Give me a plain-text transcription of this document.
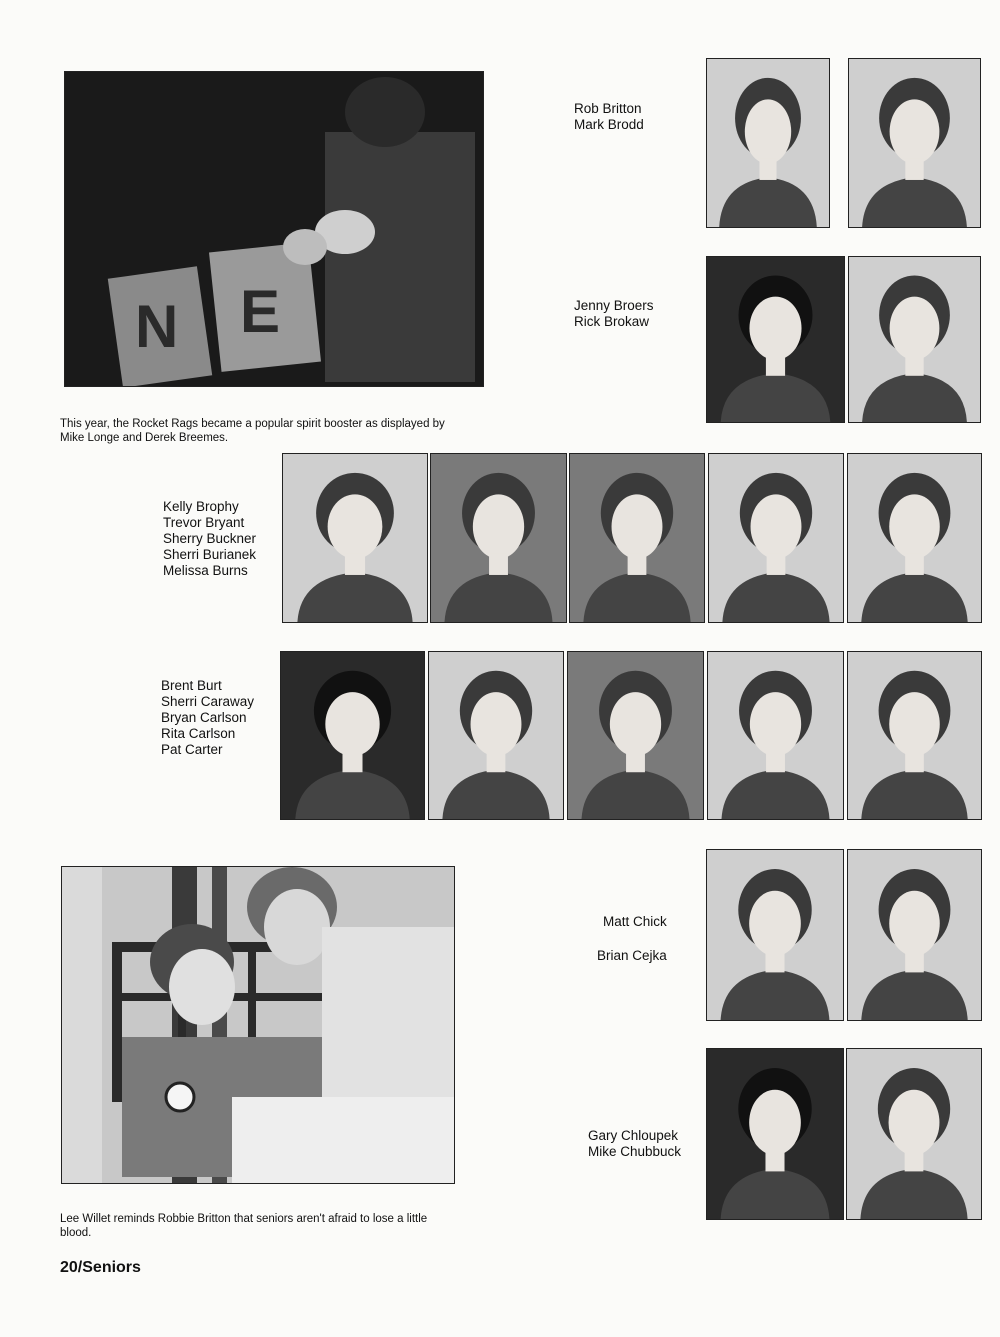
N E
This year, the Rocket Rags became a popular spirit booster as displayed by Mike Longe and Derek Breemes.
Rob Britton
Mark Brodd
Jenny Broers
Rick Brokaw
Kelly Brophy
Trevor Bryant
Sherry Buckner
Sherri Burianek
Melissa Burns
Brent Burt
Sherri Caraway
Bryan Carlson
Rita Carlson
Pat Carter
Lee Willet reminds Robbie Britton that seniors aren't afraid to lose a little blood.
Matt Chick
Brian Cejka
Gary Chloupek
Mike Chubbuck
20/Seniors
